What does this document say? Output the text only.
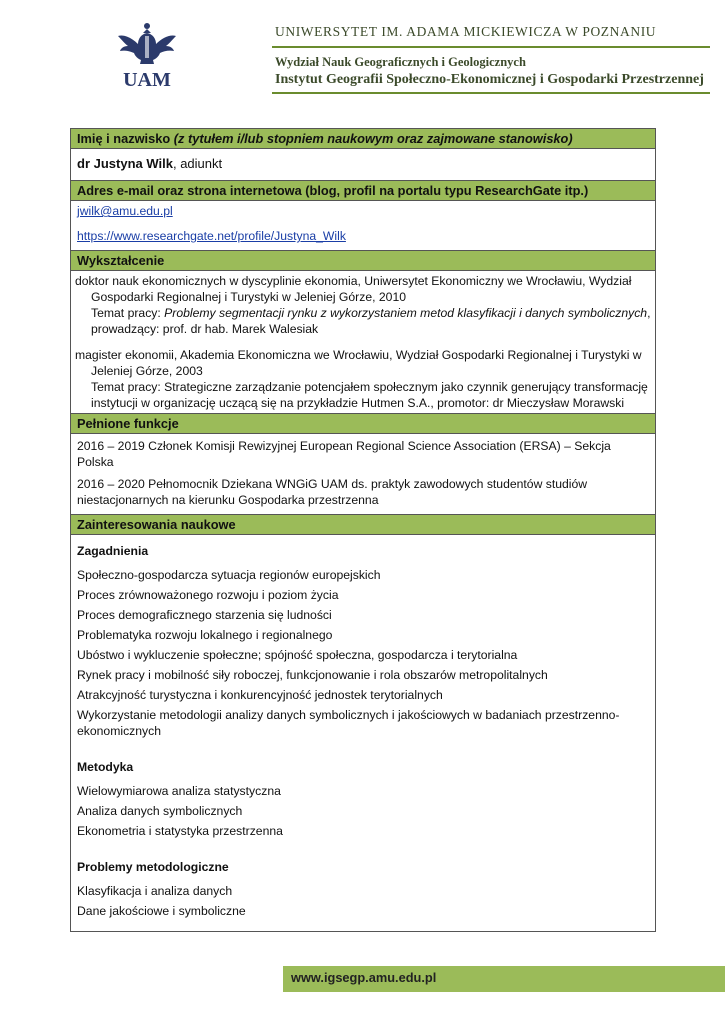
UAM
UNIWERSYTET IM. ADAMA MICKIEWICZA W POZNANIU
Wydział Nauk Geograficznych i Geologicznych
Instytut Geografii Społeczno-Ekonomicznej i Gospodarki Przestrzennej
Imię i nazwisko (z tytułem i/lub stopniem naukowym oraz zajmowane stanowisko)
dr Justyna Wilk, adiunkt
Adres e-mail oraz strona internetowa (blog, profil na portalu typu ResearchGate itp.)
jwilk@amu.edu.pl
https://www.researchgate.net/profile/Justyna_Wilk
Wykształcenie
doktor nauk ekonomicznych w dyscyplinie ekonomia, Uniwersytet Ekonomiczny we Wrocławiu, Wydział Gospodarki Regionalnej i Turystyki w Jeleniej Górze, 2010
Temat pracy: Problemy segmentacji rynku z wykorzystaniem metod klasyfikacji i danych symbolicznych, prowadzący: prof. dr hab. Marek Walesiak
magister ekonomii, Akademia Ekonomiczna we Wrocławiu, Wydział Gospodarki Regionalnej i Turystyki w Jeleniej Górze, 2003
Temat pracy: Strategiczne zarządzanie potencjałem społecznym jako czynnik generujący transformację instytucji w organizację uczącą się na przykładzie Hutmen S.A., promotor: dr Mieczysław Morawski
Pełnione funkcje

2016 – 2019 Członek Komisji Rewizyjnej European Regional Science Association (ERSA) – Sekcja Polska

2016 – 2020 Pełnomocnik Dziekana WNGiG UAM ds. praktyk zawodowych studentów studiów niestacjonarnych na kierunku Gospodarka przestrzenna

Zainteresowania naukowe
Zagadnienia
Społeczno-gospodarcza sytuacja regionów europejskich
Proces zrównoważonego rozwoju i poziom życia
Proces demograficznego starzenia się ludności
Problematyka rozwoju lokalnego i regionalnego
Ubóstwo i wykluczenie społeczne; spójność społeczna, gospodarcza i terytorialna
Rynek pracy i mobilność siły roboczej, funkcjonowanie i rola obszarów metropolitalnych
Atrakcyjność turystyczna i konkurencyjność jednostek terytorialnych
Wykorzystanie metodologii analizy danych symbolicznych i jakościowych w badaniach przestrzenno-ekonomicznych
Metodyka
Wielowymiarowa analiza statystyczna
Analiza danych symbolicznych
Ekonometria i statystyka przestrzenna
Problemy metodologiczne
Klasyfikacja i analiza danych
Dane jakościowe i symboliczne
www.igsegp.amu.edu.pl
